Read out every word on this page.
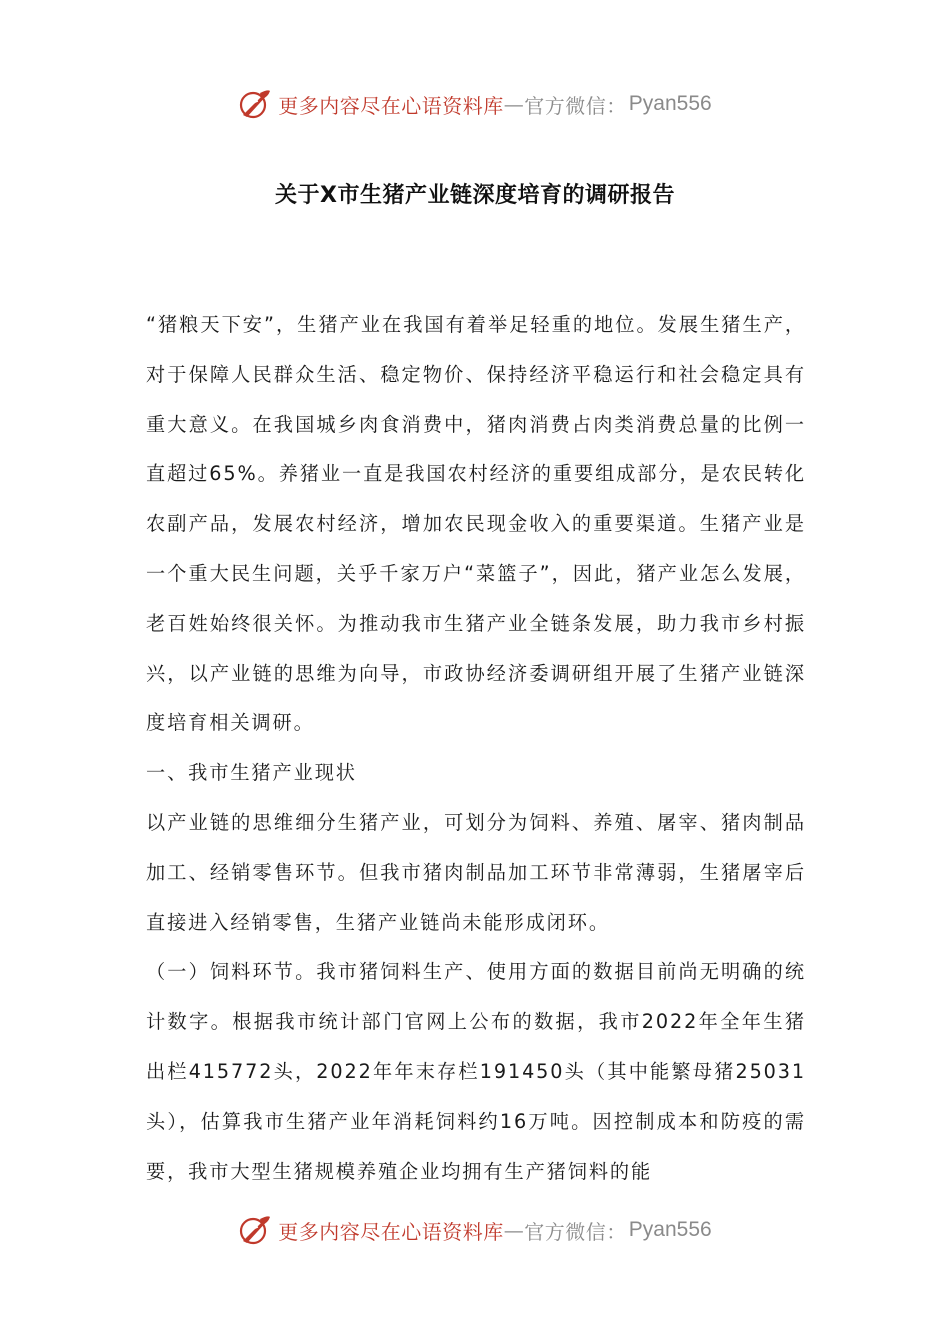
更多内容尽在心语资料库 — 官方微信： Pyan556
关于X市生猪产业链深度培育的调研报告

“猪粮天下安”，生猪产业在我国有着举足轻重的地位。发展生猪生产，对于保障人民群众生活、稳定物价、保持经济平稳运行和社会稳定具有重大意义。在我国城乡肉食消费中，猪肉消费占肉类消费总量的比例一直超过65%。养猪业一直是我国农村经济的重要组成部分，是农民转化农副产品，发展农村经济，增加农民现金收入的重要渠道。生猪产业是一个重大民生问题，关乎千家万户“菜篮子”，因此，猪产业怎么发展，老百姓始终很关怀。为推动我市生猪产业全链条发展，助力我市乡村振兴，以产业链的思维为向导，市政协经济委调研组开展了生猪产业链深度培育相关调研。

一、我市生猪产业现状

以产业链的思维细分生猪产业，可划分为饲料、养殖、屠宰、猪肉制品加工、经销零售环节。但我市猪肉制品加工环节非常薄弱，生猪屠宰后直接进入经销零售，生猪产业链尚未能形成闭环。

（一）饲料环节。我市猪饲料生产、使用方面的数据目前尚无明确的统计数字。根据我市统计部门官网上公布的数据，我市2022年全年生猪出栏415772头，2022年年末存栏191450头（其中能繁母猪25031头），估算我市生猪产业年消耗饲料约16万吨。因控制成本和防疫的需要，我市大型生猪规模养殖企业均拥有生产猪饲料的能

更多内容尽在心语资料库 — 官方微信： Pyan556
